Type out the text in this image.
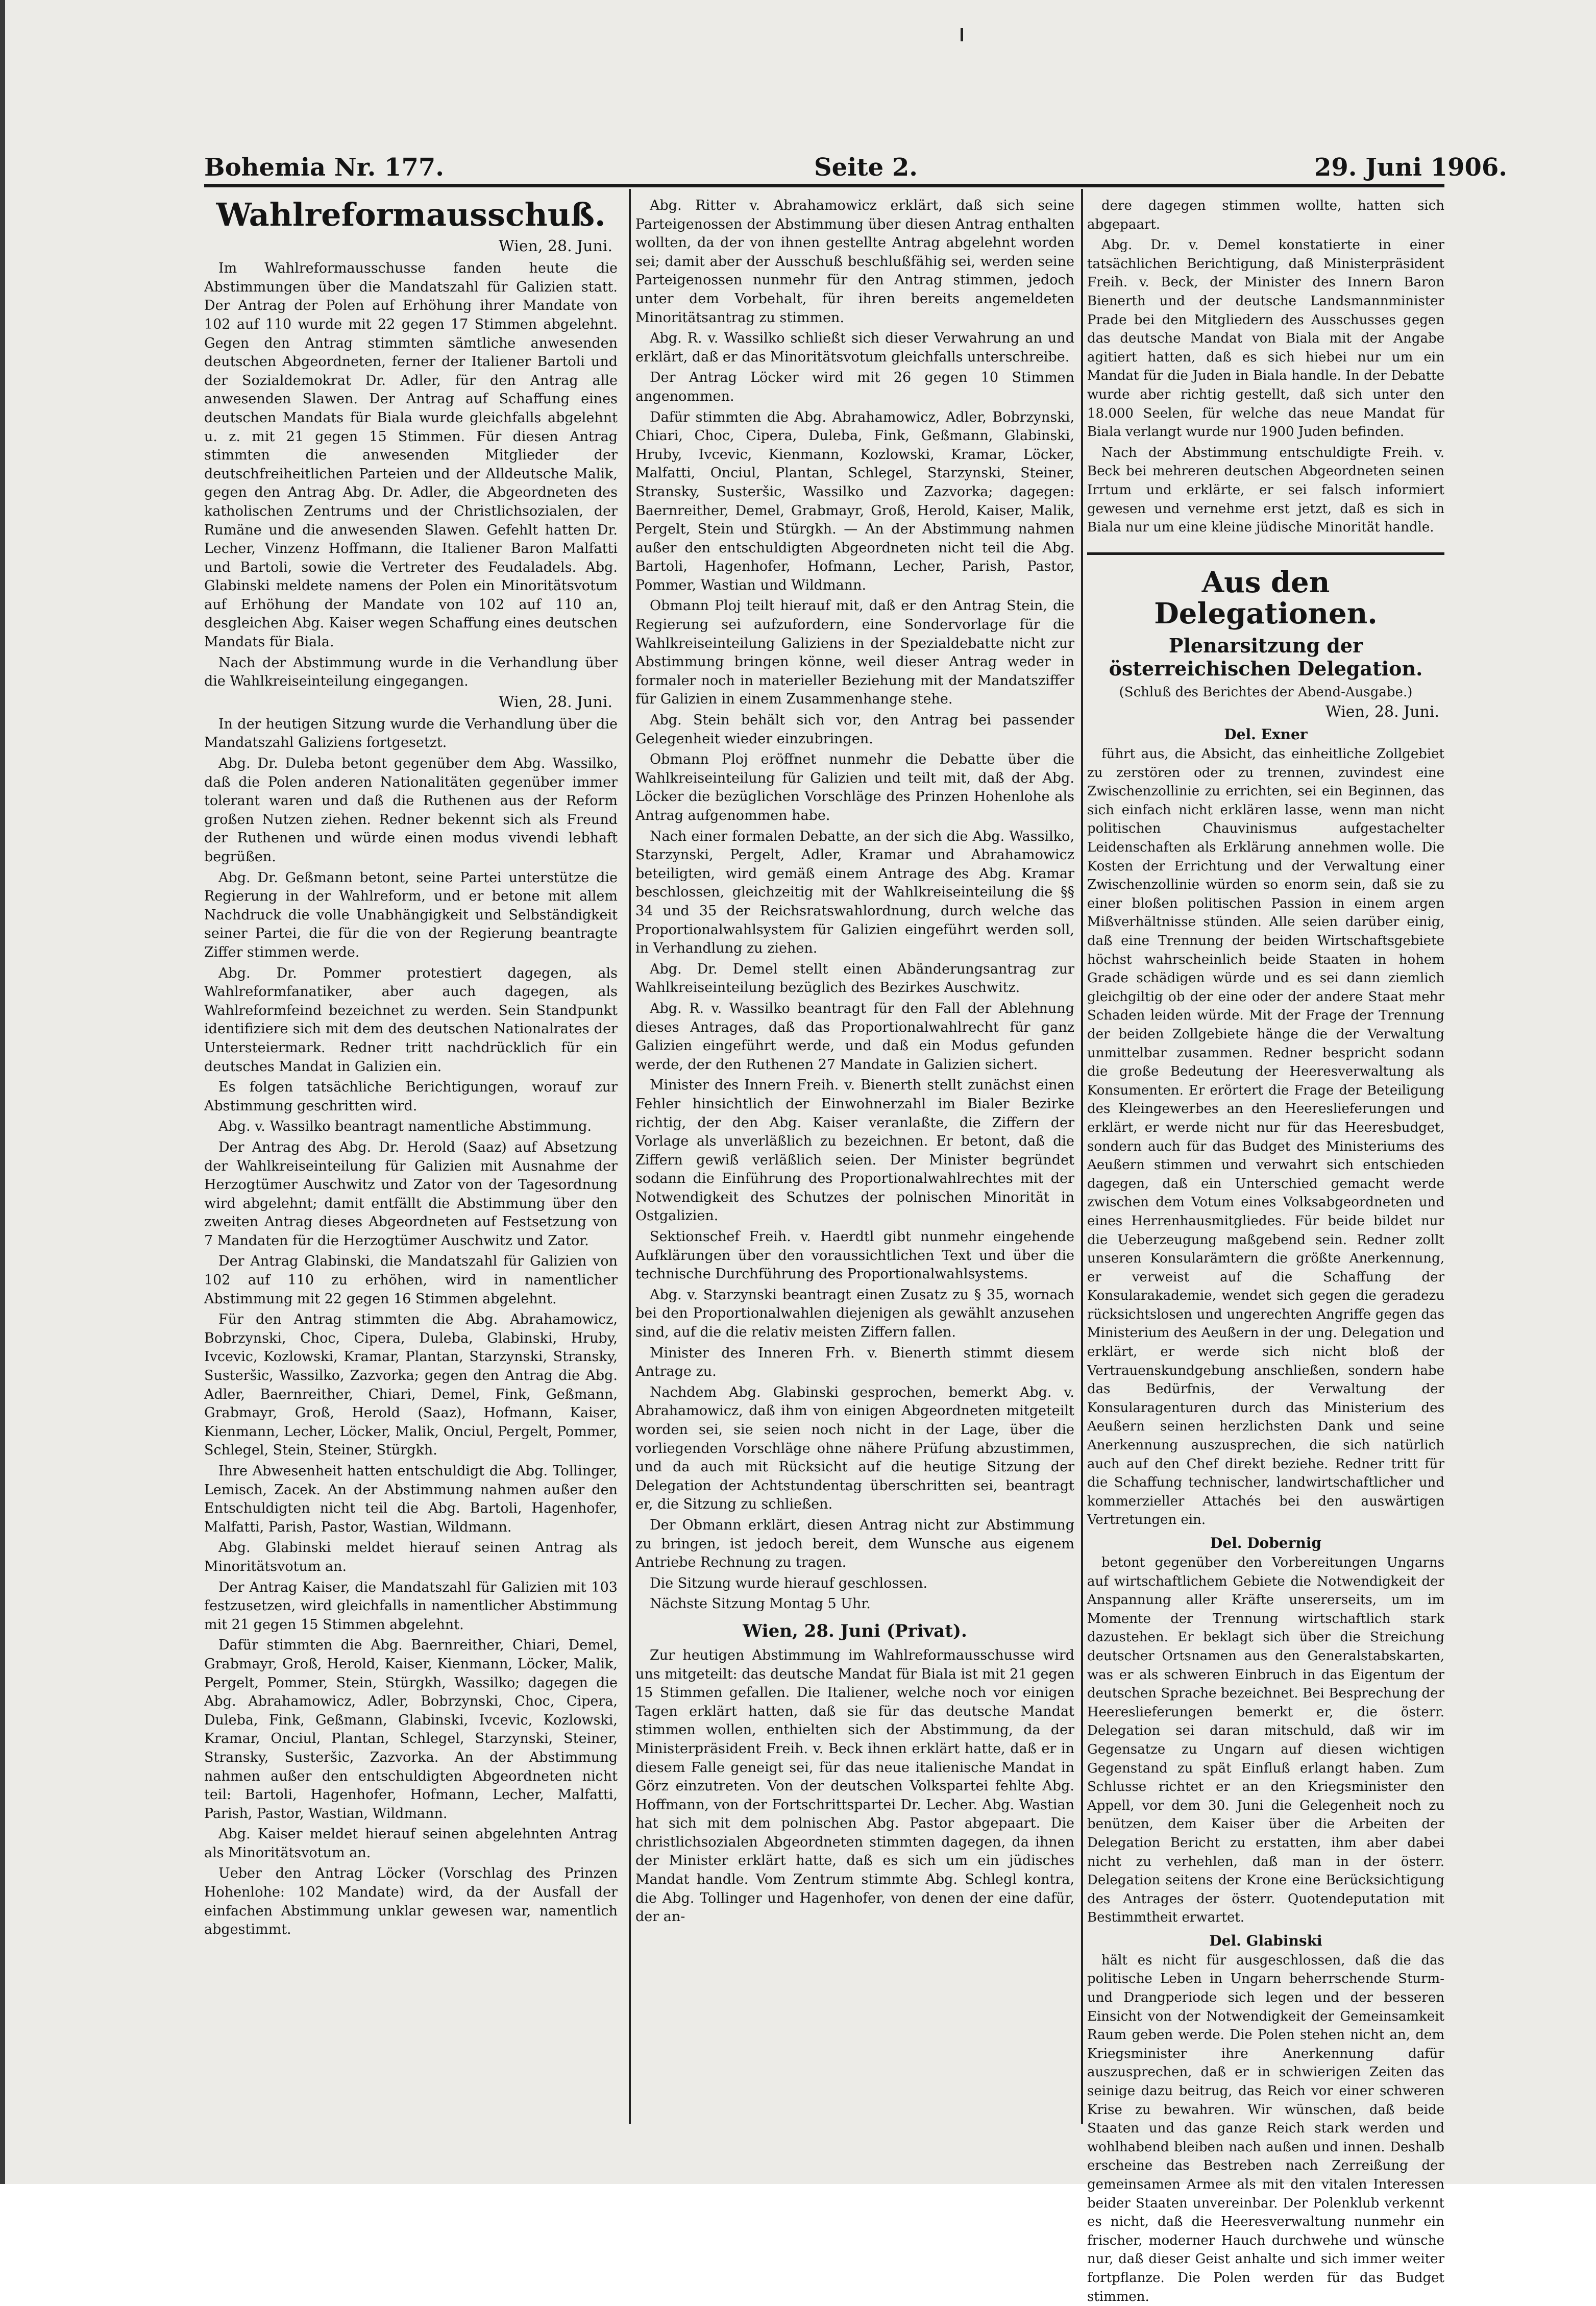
Bohemia Nr. 177.	Seite 2.	29. Juni 1906.
Wahlreformausschuß.
Wien, 28. Juni.

Im Wahlreformausschusse fanden heute die Abstimmungen über die Mandatszahl für Galizien statt. Der Antrag der Polen auf Erhöhung ihrer Mandate von 102 auf 110 wurde mit 22 gegen 17 Stimmen abgelehnt. Gegen den Antrag stimmten sämtliche anwesenden deutschen Abgeordneten, ferner der Italiener Bartoli und der Sozialdemokrat Dr. Adler, für den Antrag alle anwesenden Slawen. Der Antrag auf Schaffung eines deutschen Mandats für Biala wurde gleichfalls abgelehnt u. z. mit 21 gegen 15 Stimmen. Für diesen Antrag stimmten die anwesenden Mitglieder der deutschfreiheitlichen Parteien und der Alldeutsche Malik, gegen den Antrag Abg. Dr. Adler, die Abgeordneten des katholischen Zentrums und der Christlichsozialen, der Rumäne und die anwesenden Slawen. Gefehlt hatten Dr. Lecher, Vinzenz Hoffmann, die Italiener Baron Malfatti und Bartoli, sowie die Vertreter des Feudaladels. Abg. Glabinski meldete namens der Polen ein Minoritätsvotum auf Erhöhung der Mandate von 102 auf 110 an, desgleichen Abg. Kaiser wegen Schaffung eines deutschen Mandats für Biala.

Nach der Abstimmung wurde in die Verhandlung über die Wahlkreiseinteilung eingegangen.

Wien, 28. Juni.

In der heutigen Sitzung wurde die Verhandlung über die Mandatszahl Galiziens fortgesetzt.

Abg. Dr. Duleba betont gegenüber dem Abg. Wassilko, daß die Polen anderen Nationalitäten gegenüber immer tolerant waren und daß die Ruthenen aus der Reform großen Nutzen ziehen. Redner bekennt sich als Freund der Ruthenen und würde einen modus vivendi lebhaft begrüßen.

Abg. Dr. Geßmann betont, seine Partei unterstütze die Regierung in der Wahlreform, und er betone mit allem Nachdruck die volle Unabhängigkeit und Selbständigkeit seiner Partei, die für die von der Regierung beantragte Ziffer stimmen werde.

Abg. Dr. Pommer protestiert dagegen, als Wahlreformfanatiker, aber auch dagegen, als Wahlreformfeind bezeichnet zu werden. Sein Standpunkt identifiziere sich mit dem des deutschen Nationalrates der Untersteiermark. Redner tritt nachdrücklich für ein deutsches Mandat in Galizien ein.

Es folgen tatsächliche Berichtigungen, worauf zur Abstimmung geschritten wird.

Abg. v. Wassilko beantragt namentliche Abstimmung.

Der Antrag des Abg. Dr. Herold (Saaz) auf Absetzung der Wahlkreiseinteilung für Galizien mit Ausnahme der Herzogtümer Auschwitz und Zator von der Tagesordnung wird abgelehnt; damit entfällt die Abstimmung über den zweiten Antrag dieses Abgeordneten auf Festsetzung von 7 Mandaten für die Herzogtümer Auschwitz und Zator.

Der Antrag Glabinski, die Mandatszahl für Galizien von 102 auf 110 zu erhöhen, wird in namentlicher Abstimmung mit 22 gegen 16 Stimmen abgelehnt.

Für den Antrag stimmten die Abg. Abrahamowicz, Bobrzynski, Choc, Cipera, Duleba, Glabinski, Hruby, Ivcevic, Kozlowski, Kramar, Plantan, Starzynski, Stransky, Susteršic, Wassilko, Zazvorka; gegen den Antrag die Abg. Adler, Baernreither, Chiari, Demel, Fink, Geßmann, Grabmayr, Groß, Herold (Saaz), Hofmann, Kaiser, Kienmann, Lecher, Löcker, Malik, Onciul, Pergelt, Pommer, Schlegel, Stein, Steiner, Stürgkh.

Ihre Abwesenheit hatten entschuldigt die Abg. Tollinger, Lemisch, Zacek. An der Abstimmung nahmen außer den Entschuldigten nicht teil die Abg. Bartoli, Hagenhofer, Malfatti, Parish, Pastor, Wastian, Wildmann.

Abg. Glabinski meldet hierauf seinen Antrag als Minoritätsvotum an.

Der Antrag Kaiser, die Mandatszahl für Galizien mit 103 festzusetzen, wird gleichfalls in namentlicher Abstimmung mit 21 gegen 15 Stimmen abgelehnt.

Dafür stimmten die Abg. Baernreither, Chiari, Demel, Grabmayr, Groß, Herold, Kaiser, Kienmann, Löcker, Malik, Pergelt, Pommer, Stein, Stürgkh, Wassilko; dagegen die Abg. Abrahamowicz, Adler, Bobrzynski, Choc, Cipera, Duleba, Fink, Geßmann, Glabinski, Ivcevic, Kozlowski, Kramar, Onciul, Plantan, Schlegel, Starzynski, Steiner, Stransky, Susteršic, Zazvorka. An der Abstimmung nahmen außer den entschuldigten Abgeordneten nicht teil: Bartoli, Hagenhofer, Hofmann, Lecher, Malfatti, Parish, Pastor, Wastian, Wildmann.

Abg. Kaiser meldet hierauf seinen abgelehnten Antrag als Minoritätsvotum an.

Ueber den Antrag Löcker (Vorschlag des Prinzen Hohenlohe: 102 Mandate) wird, da der Ausfall der einfachen Abstimmung unklar gewesen war, namentlich abgestimmt.

Abg. Ritter v. Abrahamowicz erklärt, daß sich seine Parteigenossen der Abstimmung über diesen Antrag enthalten wollten, da der von ihnen gestellte Antrag abgelehnt worden sei; damit aber der Ausschuß beschlußfähig sei, werden seine Parteigenossen nunmehr für den Antrag stimmen, jedoch unter dem Vorbehalt, für ihren bereits angemeldeten Minoritätsantrag zu stimmen.

Abg. R. v. Wassilko schließt sich dieser Verwahrung an und erklärt, daß er das Minoritätsvotum gleichfalls unterschreibe.

Der Antrag Löcker wird mit 26 gegen 10 Stimmen angenommen.

Dafür stimmten die Abg. Abrahamowicz, Adler, Bobrzynski, Chiari, Choc, Cipera, Duleba, Fink, Geßmann, Glabinski, Hruby, Ivcevic, Kienmann, Kozlowski, Kramar, Löcker, Malfatti, Onciul, Plantan, Schlegel, Starzynski, Steiner, Stransky, Susteršic, Wassilko und Zazvorka; dagegen: Baernreither, Demel, Grabmayr, Groß, Herold, Kaiser, Malik, Pergelt, Stein und Stürgkh. — An der Abstimmung nahmen außer den entschuldigten Abgeordneten nicht teil die Abg. Bartoli, Hagenhofer, Hofmann, Lecher, Parish, Pastor, Pommer, Wastian und Wildmann.

Obmann Ploj teilt hierauf mit, daß er den Antrag Stein, die Regierung sei aufzufordern, eine Sondervorlage für die Wahlkreiseinteilung Galiziens in der Spezialdebatte nicht zur Abstimmung bringen könne, weil dieser Antrag weder in formaler noch in materieller Beziehung mit der Mandatsziffer für Galizien in einem Zusammenhange stehe.

Abg. Stein behält sich vor, den Antrag bei passender Gelegenheit wieder einzubringen.

Obmann Ploj eröffnet nunmehr die Debatte über die Wahlkreiseinteilung für Galizien und teilt mit, daß der Abg. Löcker die bezüglichen Vorschläge des Prinzen Hohenlohe als Antrag aufgenommen habe.

Nach einer formalen Debatte, an der sich die Abg. Wassilko, Starzynski, Pergelt, Adler, Kramar und Abrahamowicz beteiligten, wird gemäß einem Antrage des Abg. Kramar beschlossen, gleichzeitig mit der Wahlkreiseinteilung die §§ 34 und 35 der Reichsratswahlordnung, durch welche das Proportionalwahlsystem für Galizien eingeführt werden soll, in Verhandlung zu ziehen.

Abg. Dr. Demel stellt einen Abänderungsantrag zur Wahlkreiseinteilung bezüglich des Bezirkes Auschwitz.

Abg. R. v. Wassilko beantragt für den Fall der Ablehnung dieses Antrages, daß das Proportionalwahlrecht für ganz Galizien eingeführt werde, und daß ein Modus gefunden werde, der den Ruthenen 27 Mandate in Galizien sichert.

Minister des Innern Freih. v. Bienerth stellt zunächst einen Fehler hinsichtlich der Einwohnerzahl im Bialer Bezirke richtig, der den Abg. Kaiser veranlaßte, die Ziffern der Vorlage als unverläßlich zu bezeichnen. Er betont, daß die Ziffern gewiß verläßlich seien. Der Minister begründet sodann die Einführung des Proportionalwahlrechtes mit der Notwendigkeit des Schutzes der polnischen Minorität in Ostgalizien.

Sektionschef Freih. v. Haerdtl gibt nunmehr eingehende Aufklärungen über den voraussichtlichen Text und über die technische Durchführung des Proportionalwahlsystems.

Abg. v. Starzynski beantragt einen Zusatz zu § 35, wornach bei den Proportionalwahlen diejenigen als gewählt anzusehen sind, auf die die relativ meisten Ziffern fallen.

Minister des Inneren Frh. v. Bienerth stimmt diesem Antrage zu.

Nachdem Abg. Glabinski gesprochen, bemerkt Abg. v. Abrahamowicz, daß ihm von einigen Abgeordneten mitgeteilt worden sei, sie seien noch nicht in der Lage, über die vorliegenden Vorschläge ohne nähere Prüfung abzustimmen, und da auch mit Rücksicht auf die heutige Sitzung der Delegation der Achtstundentag überschritten sei, beantragt er, die Sitzung zu schließen.

Der Obmann erklärt, diesen Antrag nicht zur Abstimmung zu bringen, ist jedoch bereit, dem Wunsche aus eigenem Antriebe Rechnung zu tragen.

Die Sitzung wurde hierauf geschlossen.

Nächste Sitzung Montag 5 Uhr.

Wien, 28. Juni (Privat).

Zur heutigen Abstimmung im Wahlreformausschusse wird uns mitgeteilt: das deutsche Mandat für Biala ist mit 21 gegen 15 Stimmen gefallen. Die Italiener, welche noch vor einigen Tagen erklärt hatten, daß sie für das deutsche Mandat stimmen wollen, enthielten sich der Abstimmung, da der Ministerpräsident Freih. v. Beck ihnen erklärt hatte, daß er in diesem Falle geneigt sei, für das neue italienische Mandat in Görz einzutreten. Von der deutschen Volkspartei fehlte Abg. Hoffmann, von der Fortschrittspartei Dr. Lecher. Abg. Wastian hat sich mit dem polnischen Abg. Pastor abgepaart. Die christlichsozialen Abgeordneten stimmten dagegen, da ihnen der Minister erklärt hatte, daß es sich um ein jüdisches Mandat handle. Vom Zentrum stimmte Abg. Schlegl kontra, die Abg. Tollinger und Hagenhofer, von denen der eine dafür, der an-

dere dagegen stimmen wollte, hatten sich abgepaart.

Abg. Dr. v. Demel konstatierte in einer tatsächlichen Berichtigung, daß Ministerpräsident Freih. v. Beck, der Minister des Innern Baron Bienerth und der deutsche Landsmannminister Prade bei den Mitgliedern des Ausschusses gegen das deutsche Mandat von Biala mit der Angabe agitiert hatten, daß es sich hiebei nur um ein Mandat für die Juden in Biala handle. In der Debatte wurde aber richtig gestellt, daß sich unter den 18.000 Seelen, für welche das neue Mandat für Biala verlangt wurde nur 1900 Juden befinden.

Nach der Abstimmung entschuldigte Freih. v. Beck bei mehreren deutschen Abgeordneten seinen Irrtum und erklärte, er sei falsch informiert gewesen und vernehme erst jetzt, daß es sich in Biala nur um eine kleine jüdische Minorität handle.

Aus den Delegationen.
Plenarsitzung der österreichischen Delegation.
(Schluß des Berichtes der Abend-Ausgabe.)
Wien, 28. Juni.
Del. Exner

führt aus, die Absicht, das einheitliche Zollgebiet zu zerstören oder zu trennen, zuvindest eine Zwischenzollinie zu errichten, sei ein Beginnen, das sich einfach nicht erklären lasse, wenn man nicht politischen Chauvinismus aufgestachelter Leidenschaften als Erklärung annehmen wolle. Die Kosten der Errichtung und der Verwaltung einer Zwischenzollinie würden so enorm sein, daß sie zu einer bloßen politischen Passion in einem argen Mißverhältnisse stünden. Alle seien darüber einig, daß eine Trennung der beiden Wirtschaftsgebiete höchst wahrscheinlich beide Staaten in hohem Grade schädigen würde und es sei dann ziemlich gleichgiltig ob der eine oder der andere Staat mehr Schaden leiden würde. Mit der Frage der Trennung der beiden Zollgebiete hänge die der Verwaltung unmittelbar zusammen. Redner bespricht sodann die große Bedeutung der Heeresverwaltung als Konsumenten. Er erörtert die Frage der Beteiligung des Kleingewerbes an den Heereslieferungen und erklärt, er werde nicht nur für das Heeresbudget, sondern auch für das Budget des Ministeriums des Aeußern stimmen und verwahrt sich entschieden dagegen, daß ein Unterschied gemacht werde zwischen dem Votum eines Volksabgeordneten und eines Herrenhausmitgliedes. Für beide bildet nur die Ueberzeugung maßgebend sein. Redner zollt unseren Konsularämtern die größte Anerkennung, er verweist auf die Schaffung der Konsularakademie, wendet sich gegen die geradezu rücksichtslosen und ungerechten Angriffe gegen das Ministerium des Aeußern in der ung. Delegation und erklärt, er werde sich nicht bloß der Vertrauenskundgebung anschließen, sondern habe das Bedürfnis, der Verwaltung der Konsularagenturen durch das Ministerium des Aeußern seinen herzlichsten Dank und seine Anerkennung auszusprechen, die sich natürlich auch auf den Chef direkt beziehe. Redner tritt für die Schaffung technischer, landwirtschaftlicher und kommerzieller Attachés bei den auswärtigen Vertretungen ein.

Del. Dobernig

betont gegenüber den Vorbereitungen Ungarns auf wirtschaftlichem Gebiete die Notwendigkeit der Anspannung aller Kräfte unsererseits, um im Momente der Trennung wirtschaftlich stark dazustehen. Er beklagt sich über die Streichung deutscher Ortsnamen aus den Generalstabskarten, was er als schweren Einbruch in das Eigentum der deutschen Sprache bezeichnet. Bei Besprechung der Heereslieferungen bemerkt er, die österr. Delegation sei daran mitschuld, daß wir im Gegensatze zu Ungarn auf diesen wichtigen Gegenstand zu spät Einfluß erlangt haben. Zum Schlusse richtet er an den Kriegsminister den Appell, vor dem 30. Juni die Gelegenheit noch zu benützen, dem Kaiser über die Arbeiten der Delegation Bericht zu erstatten, ihm aber dabei nicht zu verhehlen, daß man in der österr. Delegation seitens der Krone eine Berücksichtigung des Antrages der österr. Quotendeputation mit Bestimmtheit erwartet.

Del. Glabinski

hält es nicht für ausgeschlossen, daß die das politische Leben in Ungarn beherrschende Sturm- und Drangperiode sich legen und der besseren Einsicht von der Notwendigkeit der Gemeinsamkeit Raum geben werde. Die Polen stehen nicht an, dem Kriegsminister ihre Anerkennung dafür auszusprechen, daß er in schwierigen Zeiten das seinige dazu beitrug, das Reich vor einer schweren Krise zu bewahren. Wir wünschen, daß beide Staaten und das ganze Reich stark werden und wohlhabend bleiben nach außen und innen. Deshalb erscheine das Bestreben nach Zerreißung der gemeinsamen Armee als mit den vitalen Interessen beider Staaten unvereinbar. Der Polenklub verkennt es nicht, daß die Heeresverwaltung nunmehr ein frischer, moderner Hauch durchwehe und wünsche nur, daß dieser Geist anhalte und sich immer weiter fortpflanze. Die Polen werden für das Budget stimmen.
